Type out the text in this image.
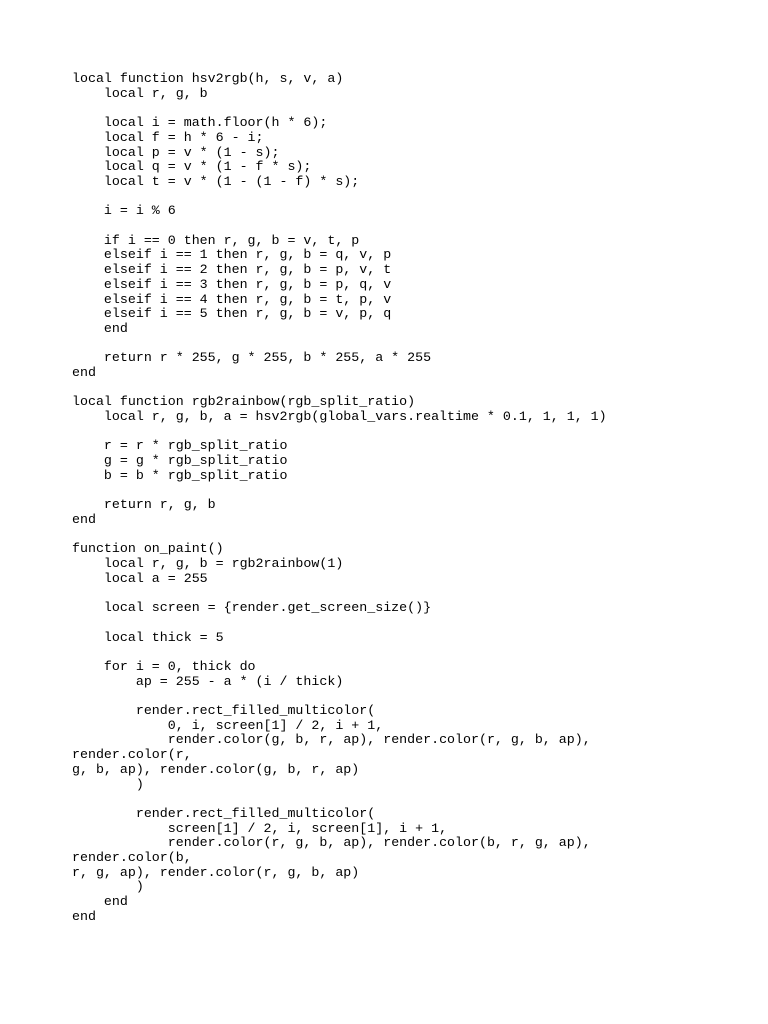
local function hsv2rgb(h, s, v, a)
local r, g, b
local i = math.floor(h * 6);
local f = h * 6 - i;
local p = v * (1 - s);
local q = v * (1 - f * s);
local t = v * (1 - (1 - f) * s);
i = i % 6
if i == 0 then r, g, b = v, t, p
elseif i == 1 then r, g, b = q, v, p
elseif i == 2 then r, g, b = p, v, t
elseif i == 3 then r, g, b = p, q, v
elseif i == 4 then r, g, b = t, p, v
elseif i == 5 then r, g, b = v, p, q
end
return r * 255, g * 255, b * 255, a * 255
end
local function rgb2rainbow(rgb_split_ratio)
local r, g, b, a = hsv2rgb(global_vars.realtime * 0.1, 1, 1, 1)
r = r * rgb_split_ratio
g = g * rgb_split_ratio
b = b * rgb_split_ratio
return r, g, b
end
function on_paint()
local r, g, b = rgb2rainbow(1)
local a = 255
local screen = {render.get_screen_size()}
local thick = 5
for i = 0, thick do
ap = 255 - a * (i / thick)
render.rect_filled_multicolor(
0, i, screen[1] / 2, i + 1,
render.color(g, b, r, ap), render.color(r, g, b, ap), render.color(r,
g, b, ap), render.color(g, b, r, ap)
)
render.rect_filled_multicolor(
screen[1] / 2, i, screen[1], i + 1,
render.color(r, g, b, ap), render.color(b, r, g, ap), render.color(b,
r, g, ap), render.color(r, g, b, ap)
)
end
end
